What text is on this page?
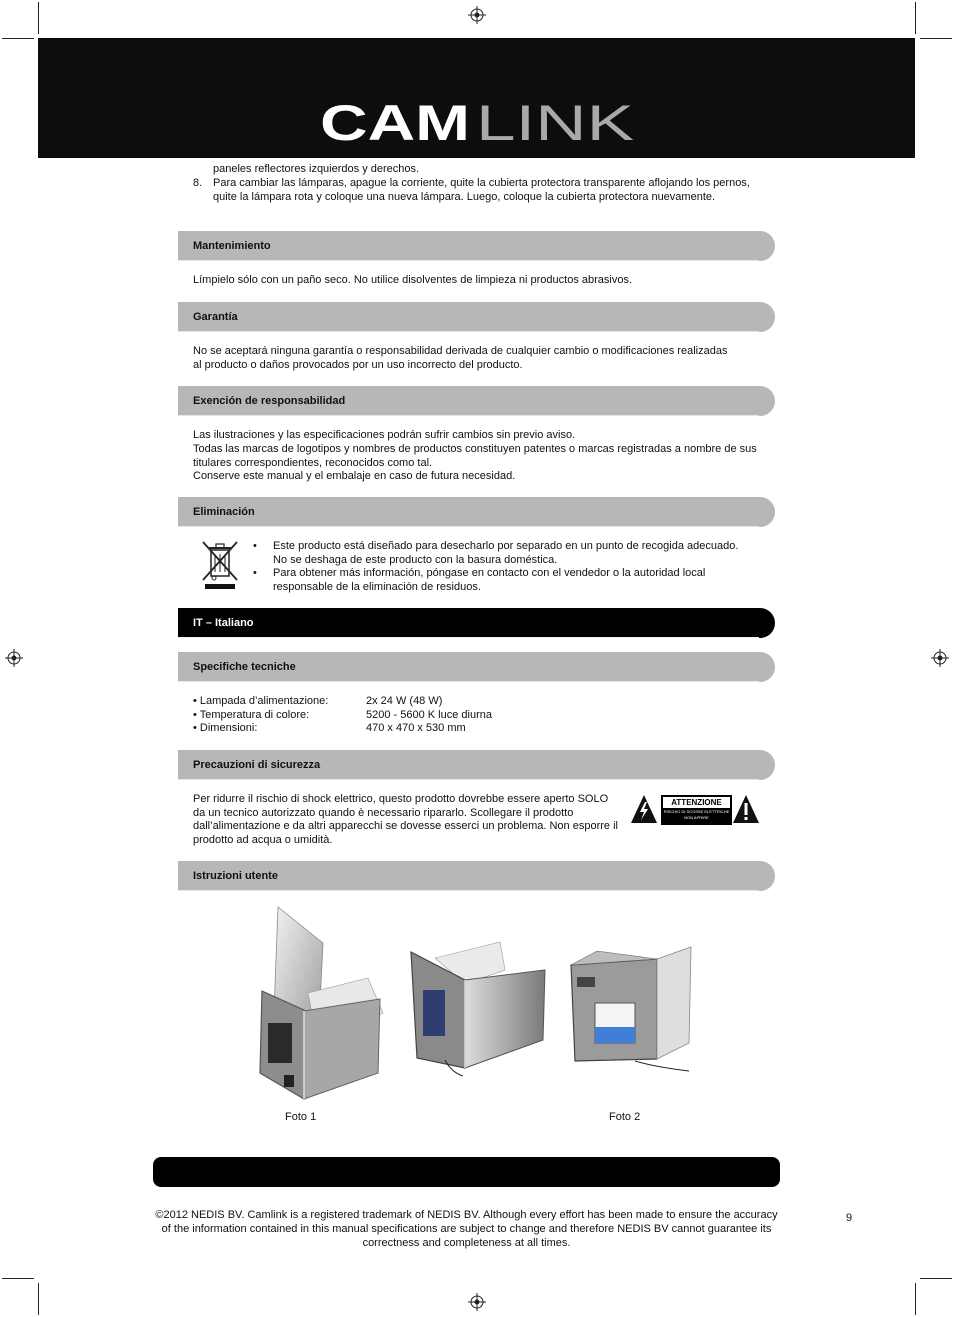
CAM LINK

paneles reflectores izquierdos y derechos.

8. Para cambiar las lámparas, apague la corriente, quite la cubierta protectora transparente aflojando los pernos, quite la lámpara rota y coloque una nueva lámpara. Luego, coloque la cubierta protectora nuevamente.

Mantenimiento

Límpielo sólo con un paño seco. No utilice disolventes de limpieza ni productos abrasivos.

Garantía

No se aceptará ninguna garantía o responsabilidad derivada de cualquier cambio o modificaciones realizadas al producto o daños provocados por un uso incorrecto del producto.

Exención de responsabilidad

Las ilustraciones y las especificaciones podrán sufrir cambios sin previo aviso.

Todas las marcas de logotipos y nombres de productos constituyen patentes o marcas registradas a nombre de sus titulares correspondientes, reconocidos como tal.

Conserve este manual y el embalaje en caso de futura necesidad.

Eliminación
• Este producto está diseñado para desecharlo por separado en un punto de recogida adecuado. No se deshaga de este producto con la basura doméstica.
• Para obtener más información, póngase en contacto con el vendedor o la autoridad local responsable de la eliminación de residuos.
IT – Italiano
Specifiche tecniche
• Lampada d’alimentazione:	2x 24 W (48 W)
• Temperatura di colore:	5200 - 5600 K luce diurna
• Dimensioni:	470 x 470 x 530 mm
Precauzioni di sicurezza

Per ridurre il rischio di shock elettrico, questo prodotto dovrebbe essere aperto SOLO da un tecnico autorizzato quando è necessario ripararlo. Scollegare il prodotto dall’alimentazione e da altri apparecchi se dovesse esserci un problema. Non esporre il prodotto ad acqua o umidità.

ATTENZIONE
RISCHIO DI SCOSSE ELETTRICHE
NON APRIRE
Istruzioni utente
Foto 1	Foto 2

©2012 NEDIS BV. Camlink is a registered trademark of NEDIS BV. Although every effort has been made to ensure the accuracy of the information contained in this manual specifications are subject to change and therefore NEDIS BV cannot guarantee its correctness and completeness at all times.

9
